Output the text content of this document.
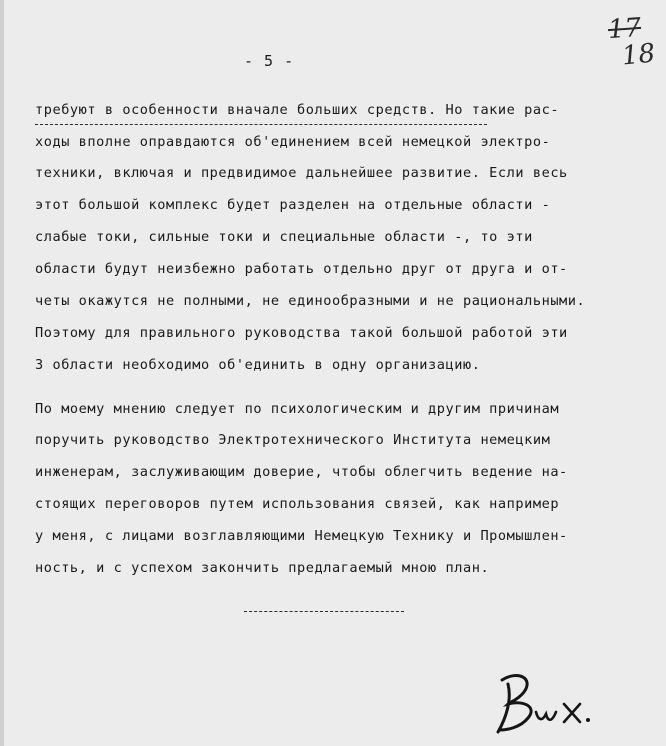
- 5 -
17
18
требуют в особенности вначале больших средств. Но такие рас-
ходы вполне оправдаются об'единением всей немецкой электро-
техники, включая и предвидимое дальнейшее развитие. Если весь
этот большой комплекс будет разделен на отдельные области -
слабые токи, сильные токи и специальные области -, то эти
области будут неизбежно работать отдельно друг от друга и от-
четы окажутся не полными, не единообразными и не рациональными.
Поэтому для правильного руководства такой большой работой эти
3 области необходимо об'единить в одну организацию.
По моему мнению следует по психологическим и другим причинам
поручить руководство Электротехнического Института немецким
инженерам, заслуживающим доверие, чтобы облегчить ведение на-
стоящих переговоров путем использования связей, как например
у меня, с лицами возглавляющими Немецкую Технику и Промышлен-
ность, и с успехом закончить предлагаемый мною план.
